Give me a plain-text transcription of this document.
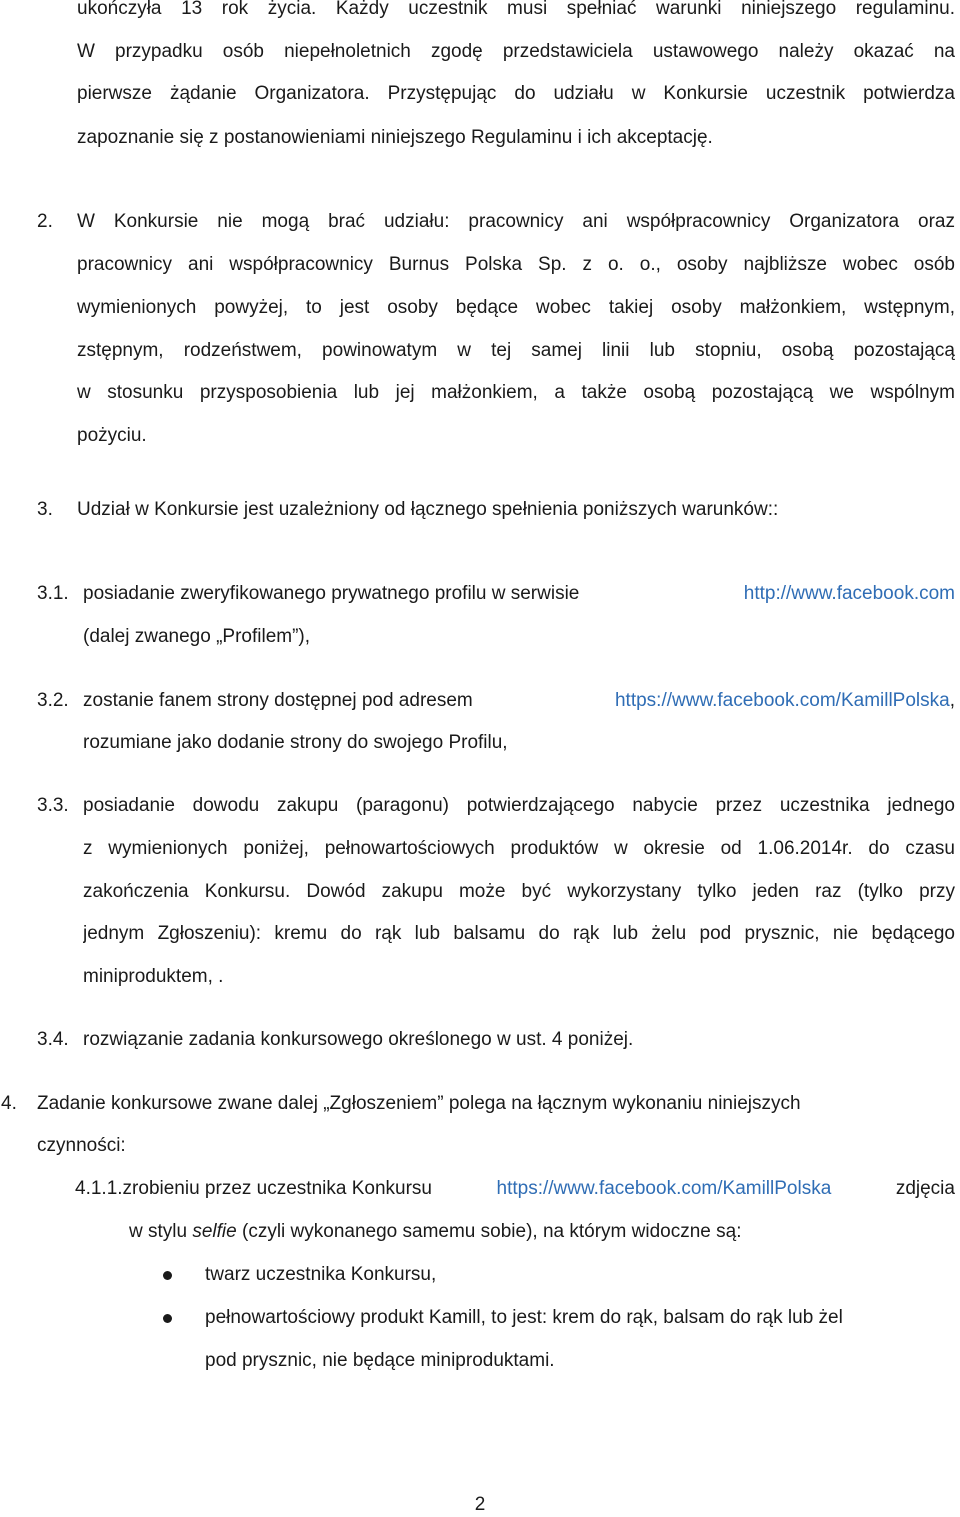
ukończyła 13 rok życia. Każdy uczestnik musi spełniać warunki niniejszego regulaminu.
W przypadku osób niepełnoletnich zgodę przedstawiciela ustawowego należy okazać na
pierwsze żądanie Organizatora. Przystępując do udziału w Konkursie uczestnik potwierdza
zapoznanie się z postanowieniami niniejszego Regulaminu i ich akceptację.
2. W Konkursie nie mogą brać udziału: pracownicy ani współpracownicy Organizatora oraz
pracownicy ani współpracownicy Burnus Polska Sp. z o. o., osoby najbliższe wobec osób
wymienionych powyżej, to jest osoby będące wobec takiej osoby małżonkiem, wstępnym,
zstępnym, rodzeństwem, powinowatym w tej samej linii lub stopniu, osobą pozostającą
w stosunku przysposobienia lub jej małżonkiem, a także osobą pozostającą we wspólnym
pożyciu.
3. Udział w Konkursie jest uzależniony od łącznego spełnienia poniższych warunków::
3.1. posiadanie zweryfikowanego prywatnego profilu w serwisie	http://www.facebook.com
(dalej zwanego „Profilem”),
3.2. zostanie fanem strony dostępnej pod adresem	https://www.facebook.com/KamillPolska,
rozumiane jako dodanie strony do swojego Profilu,
3.3. posiadanie dowodu zakupu (paragonu) potwierdzającego nabycie przez uczestnika jednego
z wymienionych poniżej, pełnowartościowych produktów w okresie od 1.06.2014r. do czasu
zakończenia Konkursu. Dowód zakupu może być wykorzystany tylko jeden raz (tylko przy
jednym Zgłoszeniu): kremu do rąk lub balsamu do rąk lub żelu pod prysznic, nie będącego
miniproduktem, .
3.4. rozwiązanie zadania konkursowego określonego w ust. 4 poniżej.
4. Zadanie konkursowe zwane dalej „Zgłoszeniem” polega na łącznym wykonaniu niniejszych
czynności:
4.1.1. zrobieniu przez uczestnika Konkursu	https://www.facebook.com/KamillPolska	zdjęcia
w stylu selfie (czyli wykonanego samemu sobie), na którym widoczne są:
twarz uczestnika Konkursu,
pełnowartościowy produkt Kamill, to jest: krem do rąk, balsam do rąk lub żel
pod prysznic, nie będące miniproduktami.
2
